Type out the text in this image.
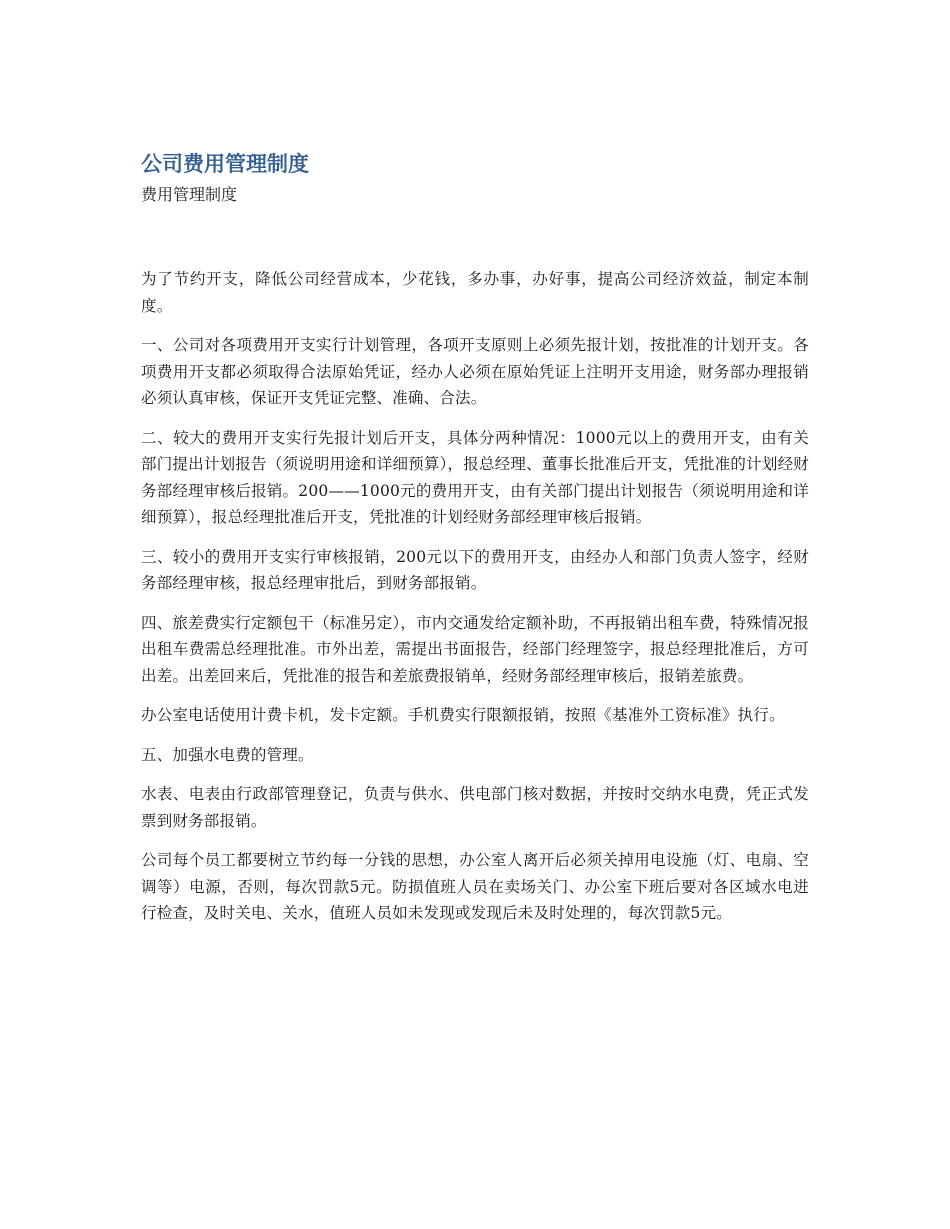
公司费用管理制度
费用管理制度

为了节约开支，降低公司经营成本，少花钱，多办事，办好事，提高公司经济效益，制定本制度。

一、公司对各项费用开支实行计划管理，各项开支原则上必须先报计划，按批准的计划开支。各项费用开支都必须取得合法原始凭证，经办人必须在原始凭证上注明开支用途，财务部办理报销必须认真审核，保证开支凭证完整、准确、合法。

二、较大的费用开支实行先报计划后开支，具体分两种情况：1000元以上的费用开支，由有关部门提出计划报告（须说明用途和详细预算），报总经理、董事长批准后开支，凭批准的计划经财务部经理审核后报销。200——1000元的费用开支，由有关部门提出计划报告（须说明用途和详细预算），报总经理批准后开支，凭批准的计划经财务部经理审核后报销。

三、较小的费用开支实行审核报销，200元以下的费用开支，由经办人和部门负责人签字，经财务部经理审核，报总经理审批后，到财务部报销。

四、旅差费实行定额包干（标准另定），市内交通发给定额补助，不再报销出租车费，特殊情况报出租车费需总经理批准。市外出差，需提出书面报告，经部门经理签字，报总经理批准后，方可出差。出差回来后，凭批准的报告和差旅费报销单，经财务部经理审核后，报销差旅费。

办公室电话使用计费卡机，发卡定额。手机费实行限额报销，按照《基准外工资标准》执行。

五、加强水电费的管理。

水表、电表由行政部管理登记，负责与供水、供电部门核对数据，并按时交纳水电费，凭正式发票到财务部报销。

公司每个员工都要树立节约每一分钱的思想，办公室人离开后必须关掉用电设施（灯、电扇、空调等）电源，否则，每次罚款5元。防损值班人员在卖场关门、办公室下班后要对各区域水电进行检查，及时关电、关水，值班人员如未发现或发现后未及时处理的，每次罚款5元。
